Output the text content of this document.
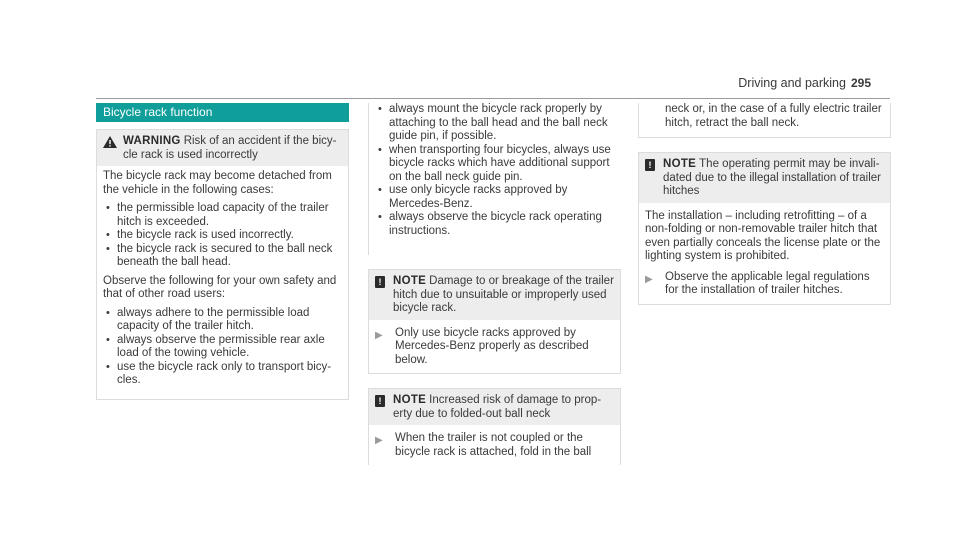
Driving and parking 295
Bicycle rack function
WARNING Risk of an accident if the bicy-cle rack is used incorrectly
The bicycle rack may become detached from the vehicle in the following cases:
• the permissible load capacity of the trailer hitch is exceeded.
• the bicycle rack is used incorrectly.
• the bicycle rack is secured to the ball neck beneath the ball head.
Observe the following for your own safety and that of other road users:
• always adhere to the permissible load capacity of the trailer hitch.
• always observe the permissible rear axle load of the towing vehicle.
• use the bicycle rack only to transport bicy-cles.
• always mount the bicycle rack properly by attaching to the ball head and the ball neck guide pin, if possible.
• when transporting four bicycles, always use bicycle racks which have additional support on the ball neck guide pin.
• use only bicycle racks approved by Mercedes-Benz.
• always observe the bicycle rack operating instructions.
!	NOTE Damage to or breakage of the trailer hitch due to unsuitable or improperly used bicycle rack.
▶	Only use bicycle racks approved by Mercedes-Benz properly as described below.
!	NOTE Increased risk of damage to prop-erty due to folded-out ball neck
▶	When the trailer is not coupled or the bicycle rack is attached, fold in the ball
neck or, in the case of a fully electric trailer hitch, retract the ball neck.
!	NOTE The operating permit may be invali-dated due to the illegal installation of trailer hitches
The installation – including retrofitting – of a non-folding or non-removable trailer hitch that even partially conceals the license plate or the lighting system is prohibited.
▶	Observe the applicable legal regulations for the installation of trailer hitches.
